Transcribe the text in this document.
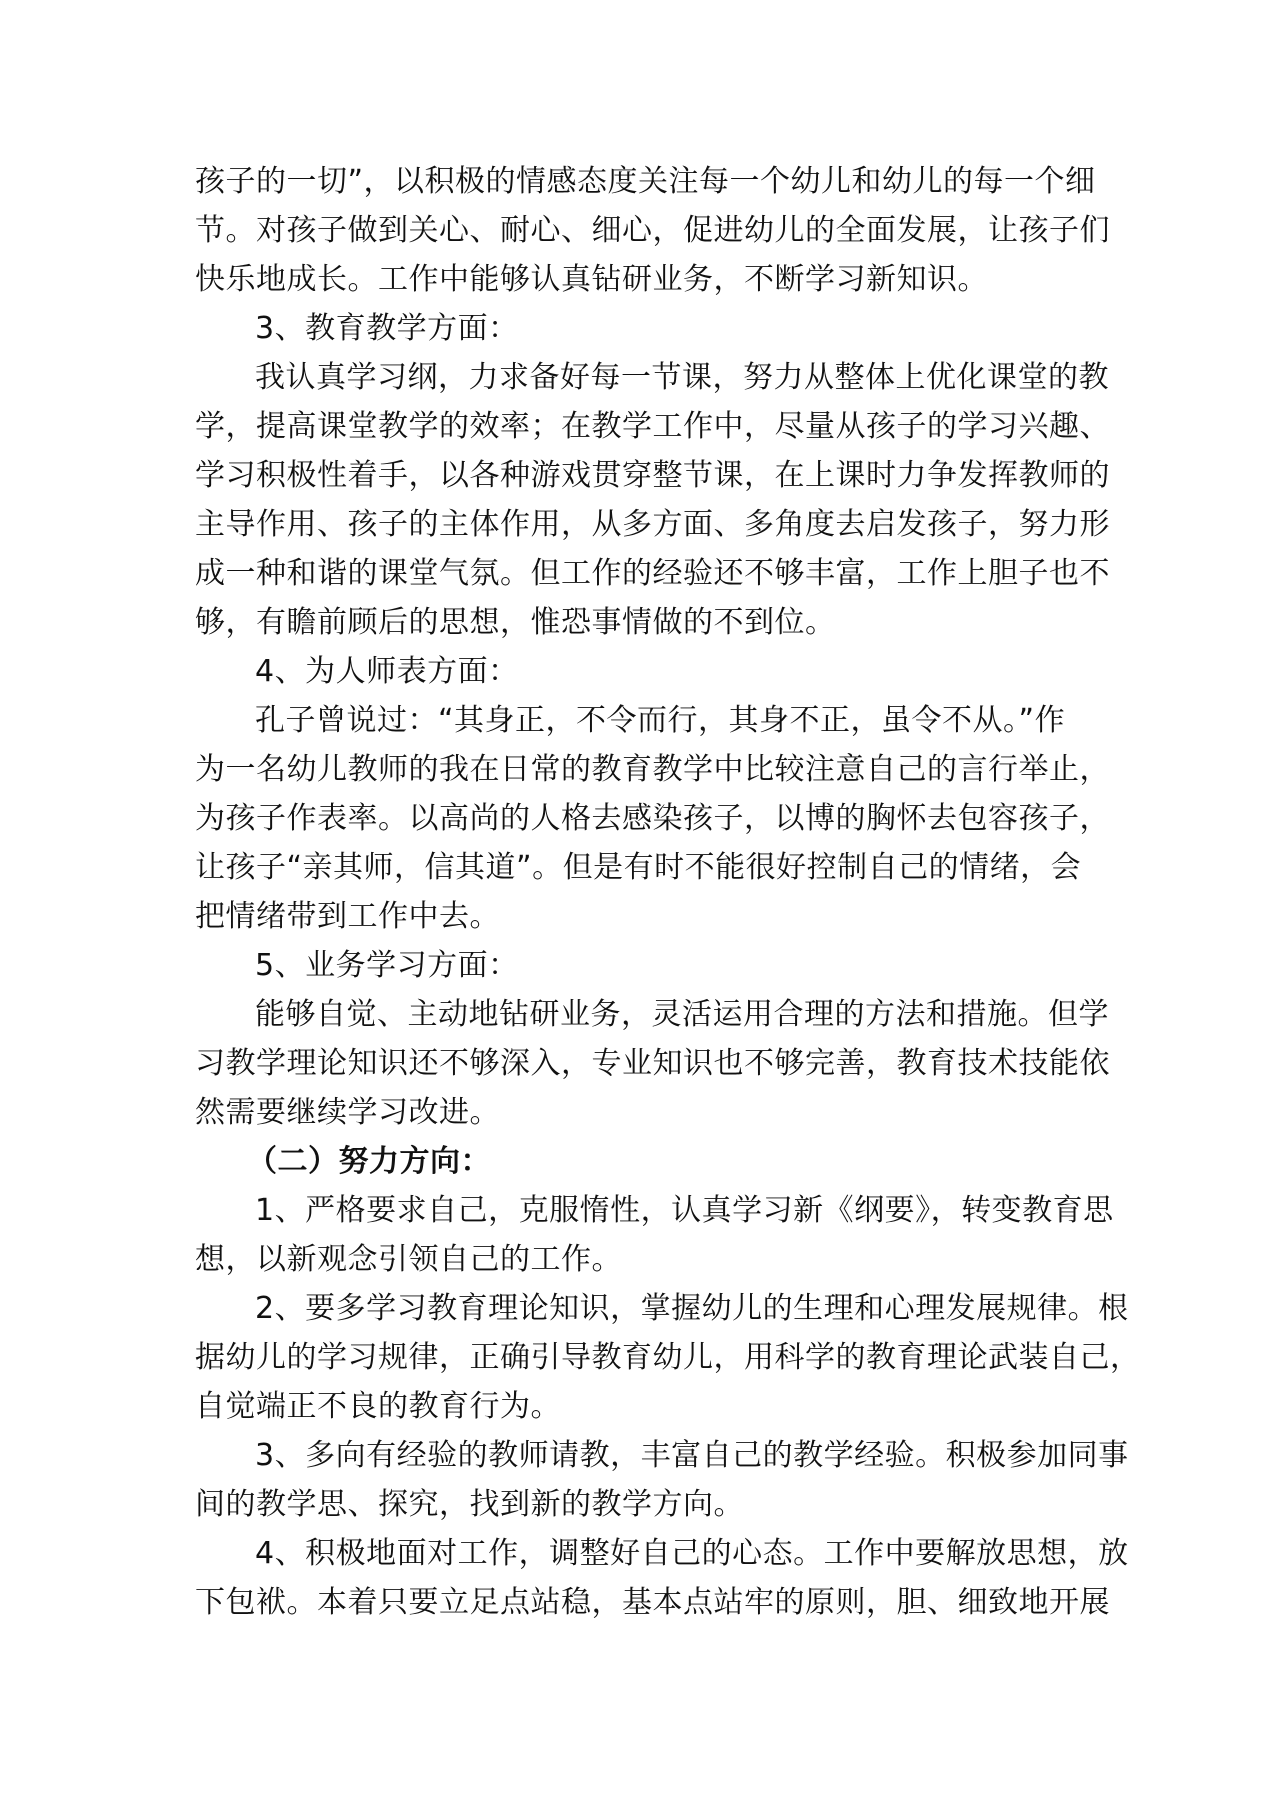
孩子的一切”，以积极的情感态度关注每一个幼儿和幼儿的每一个细
节。对孩子做到关心、耐心、细心，促进幼儿的全面发展，让孩子们
快乐地成长。工作中能够认真钻研业务，不断学习新知识。
3、教育教学方面：
我认真学习纲，力求备好每一节课，努力从整体上优化课堂的教
学，提高课堂教学的效率；在教学工作中，尽量从孩子的学习兴趣、
学习积极性着手，以各种游戏贯穿整节课，在上课时力争发挥教师的
主导作用、孩子的主体作用，从多方面、多角度去启发孩子，努力形
成一种和谐的课堂气氛。但工作的经验还不够丰富，工作上胆子也不
够，有瞻前顾后的思想，惟恐事情做的不到位。
4、为人师表方面：
孔子曾说过：“其身正，不令而行，其身不正，虽令不从。”作
为一名幼儿教师的我在日常的教育教学中比较注意自己的言行举止，
为孩子作表率。以高尚的人格去感染孩子，以博的胸怀去包容孩子，
让孩子“亲其师，信其道”。但是有时不能很好控制自己的情绪，会
把情绪带到工作中去。
5、业务学习方面：
能够自觉、主动地钻研业务，灵活运用合理的方法和措施。但学
习教学理论知识还不够深入，专业知识也不够完善，教育技术技能依
然需要继续学习改进。
（二）努力方向：
1、严格要求自己，克服惰性，认真学习新《纲要》，转变教育思
想，以新观念引领自己的工作。
2、要多学习教育理论知识，掌握幼儿的生理和心理发展规律。根
据幼儿的学习规律，正确引导教育幼儿，用科学的教育理论武装自己，
自觉端正不良的教育行为。
3、多向有经验的教师请教，丰富自己的教学经验。积极参加同事
间的教学思、探究，找到新的教学方向。
4、积极地面对工作，调整好自己的心态。工作中要解放思想，放
下包袱。本着只要立足点站稳，基本点站牢的原则，胆、细致地开展
